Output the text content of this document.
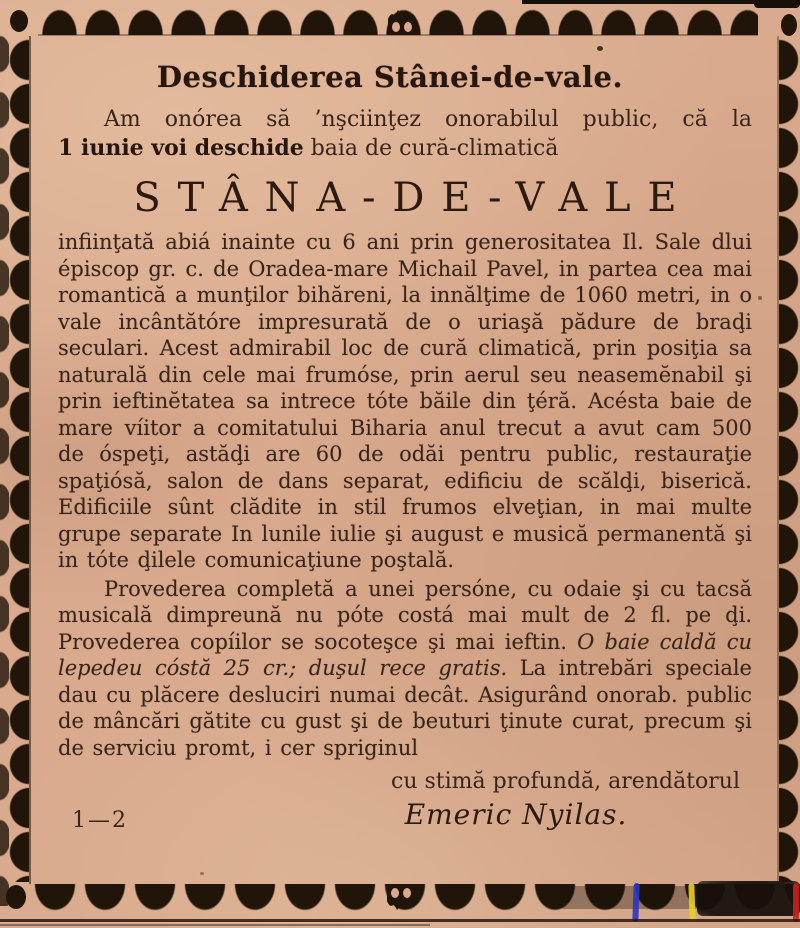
Deschiderea Stânei-de-vale.
Am onórea să ’nşciinţez onorabilul public, că la
1 iunie voi deschide baia de cură-climatică
STÂNA-DE-VALE

infiinţată abiá inainte cu 6 ani prin generositatea Il. Sale dlui épiscop gr. c. de Oradea-mare Michail Pavel, in partea cea mai romantică a munţilor bihăreni, la innălţime de 1060 metri, in o vale incântătóre impresurată de o uriaşă pădure de braḑi seculari. Acest admirabil loc de cură climatică, prin posiţia sa naturală din cele mai frumóse, prin aerul seu neasemĕnabil şi prin ieftinĕtatea sa intrece tóte băile din ţéră. Acésta baie de mare víitor a comitatului Biharia anul trecut a avut cam 500 de óspeţi, astăḑi are 60 de odăi pentru public, restauraţie spaţiósă, salon de dans separat, edificiu de scălḑi, biserică. Edificiile sûnt clădite in stil frumos elveţian, in mai multe grupe separate In lunile iulie şi august e musică permanentă şi in tóte ḑilele comunicaţiune poştală.

Provederea completă a unei persóne, cu odaie şi cu tacsă musicală dimpreună nu póte costá mai mult de 2 fl. pe ḑi. Provederea copíilor se socoteşce şi mai ieftin. O baie caldă cu lepedeu cóstă 25 cr.; duşul rece gratis. La intrebări speciale dau cu plăcere desluciri numai decât. Asigurând onorab. public de mâncări gătite cu gust şi de beuturi ţinute curat, precum şi de serviciu promt, i cer spriginul

cu stimă profundă, arendătorul
1—2	Emeric Nyilas.
